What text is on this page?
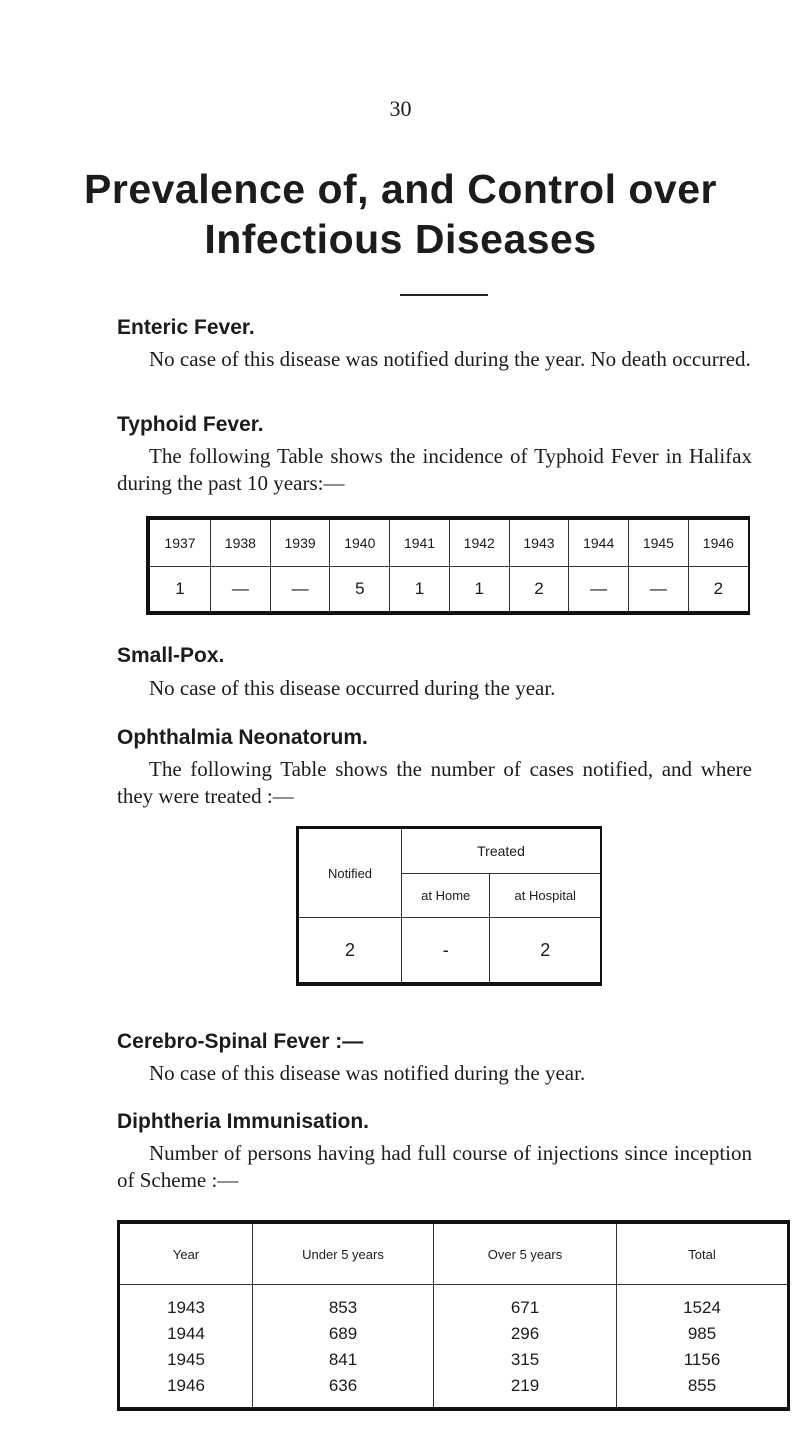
30
Prevalence of, and Control over
Infectious Diseases
Enteric Fever.
No case of this disease was notified during the year. No death occurred.
Typhoid Fever.
The following Table shows the incidence of Typhoid Fever in Halifax during the past 10 years:—
1937	1938	1939	1940	1941	1942	1943	1944	1945	1946
1	—	—	5	1	1	2	—	—	2
Small-Pox.
No case of this disease occurred during the year.
Ophthalmia Neonatorum.
The following Table shows the number of cases notified, and where they were treated :—
Notified	Treated	
	at Home	at Hospital
2	-	2
Cerebro-Spinal Fever :—
No case of this disease was notified during the year.
Diphtheria Immunisation.
Number of persons having had full course of injections since inception of Scheme :—
Year	Under 5 years	Over 5 years	Total
1943	853	671	1524
1944	689	296	985
1945	841	315	1156
1946	636	219	855
